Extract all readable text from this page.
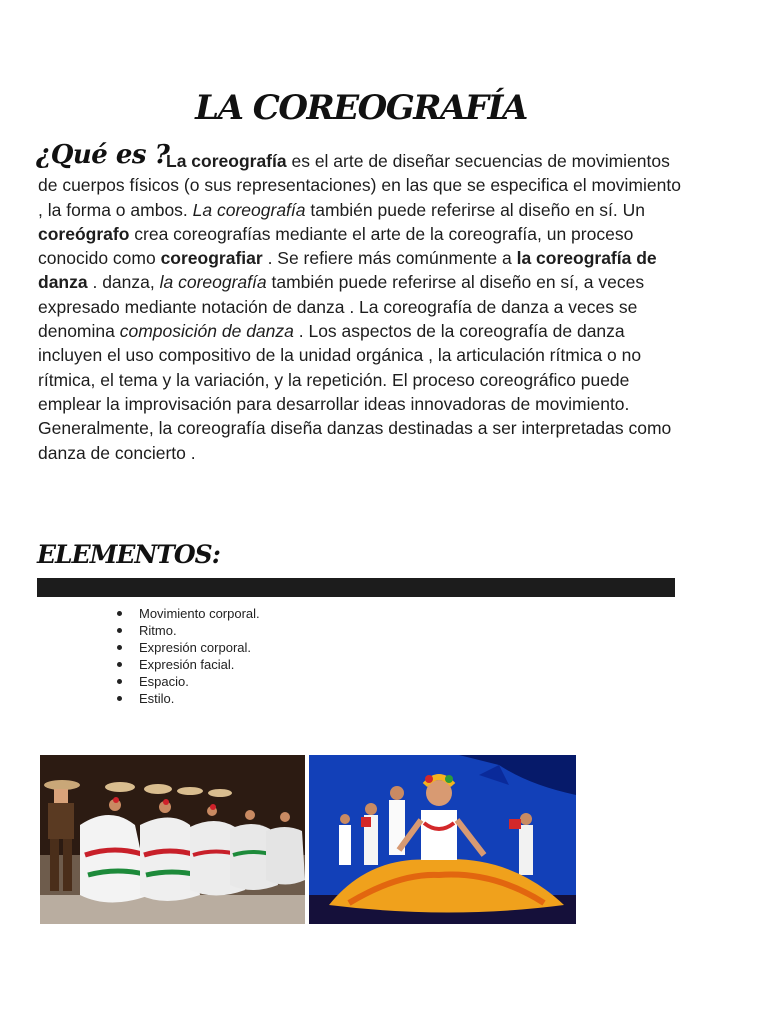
LA COREOGRAFÍA
¿Qué es ?

La coreografía es el arte de diseñar secuencias de movimientos de cuerpos físicos (o sus representaciones) en las que se especifica el movimiento , la forma o ambos. La coreografía también puede referirse al diseño en sí. Un coreógrafo crea coreografías mediante el arte de la coreografía, un proceso conocido como coreografiar . Se refiere más comúnmente a la coreografía de danza . danza, la coreografía también puede referirse al diseño en sí, a veces expresado mediante notación de danza . La coreografía de danza a veces se denomina composición de danza . Los aspectos de la coreografía de danza incluyen el uso compositivo de la unidad orgánica , la articulación rítmica o no rítmica, el tema y la variación, y la repetición. El proceso coreográfico puede emplear la improvisación para desarrollar ideas innovadoras de movimiento. Generalmente, la coreografía diseña danzas destinadas a ser interpretadas como danza de concierto .

ELEMENTOS:
Movimiento corporal.
Ritmo.
Expresión corporal.
Expresión facial.
Espacio.
Estilo.
